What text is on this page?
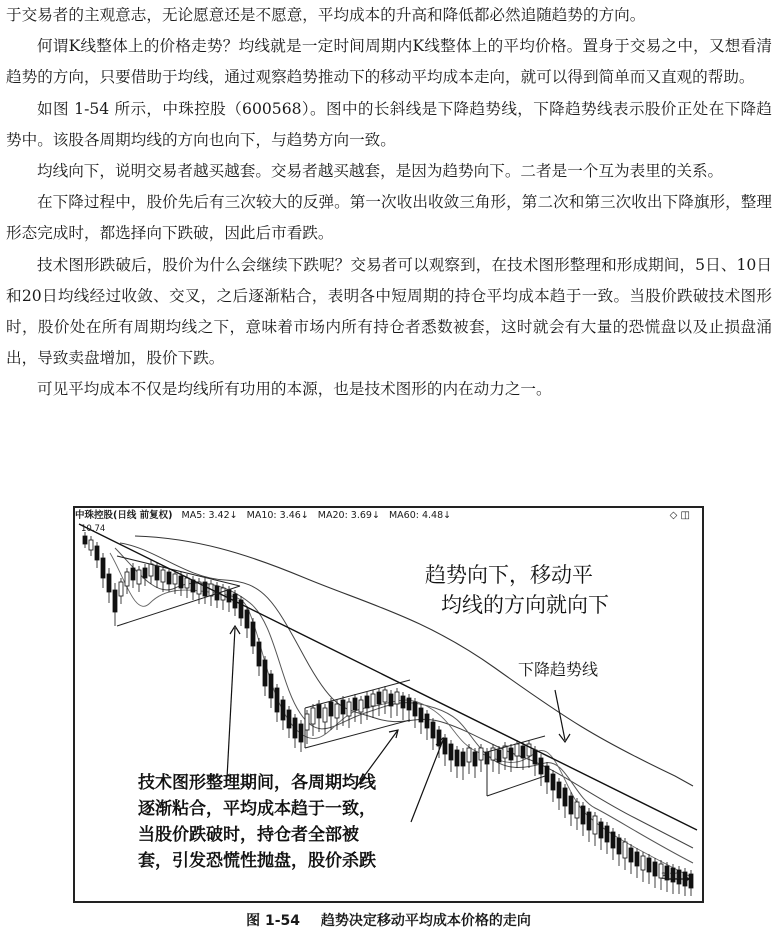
于交易者的主观意志，无论愿意还是不愿意，平均成本的升高和降低都必然追随趋势的方向。

何谓K线整体上的价格走势？均线就是一定时间周期内K线整体上的平均价格。置身于交易之中，又想看清趋势的方向，只要借助于均线，通过观察趋势推动下的移动平均成本走向，就可以得到简单而又直观的帮助。

如图 1-54 所示，中珠控股（600568）。图中的长斜线是下降趋势线，下降趋势线表示股价正处在下降趋势中。该股各周期均线的方向也向下，与趋势方向一致。

均线向下，说明交易者越买越套。交易者越买越套，是因为趋势向下。二者是一个互为表里的关系。

在下降过程中，股价先后有三次较大的反弹。第一次收出收敛三角形，第二次和第三次收出下降旗形，整理形态完成时，都选择向下跌破，因此后市看跌。

技术图形跌破后，股价为什么会继续下跌呢？交易者可以观察到，在技术图形整理和形成期间，5日、10日和20日均线经过收敛、交叉，之后逐渐粘合，表明各中短周期的持仓平均成本趋于一致。当股价跌破技术图形时，股价处在所有周期均线之下，意味着市场内所有持仓者悉数被套，这时就会有大量的恐慌盘以及止损盘涌出，导致卖盘增加，股价下跌。

可见平均成本不仅是均线所有功用的本源，也是技术图形的内在动力之一。

中珠控股(日线 前复权) MA5: 3.42↓ MA10: 3.46↓ MA20: 3.69↓ MA60: 4.48↓	◇ ◫
10.74
3.11
趋势向下，移动平
均线的方向就向下
下降趋势线
技术图形整理期间，各周期均线
逐渐粘合，平均成本趋于一致，
当股价跌破时，持仓者全部被
套，引发恐慌性抛盘，股价杀跌
图 1-54 趋势决定移动平均成本价格的走向
